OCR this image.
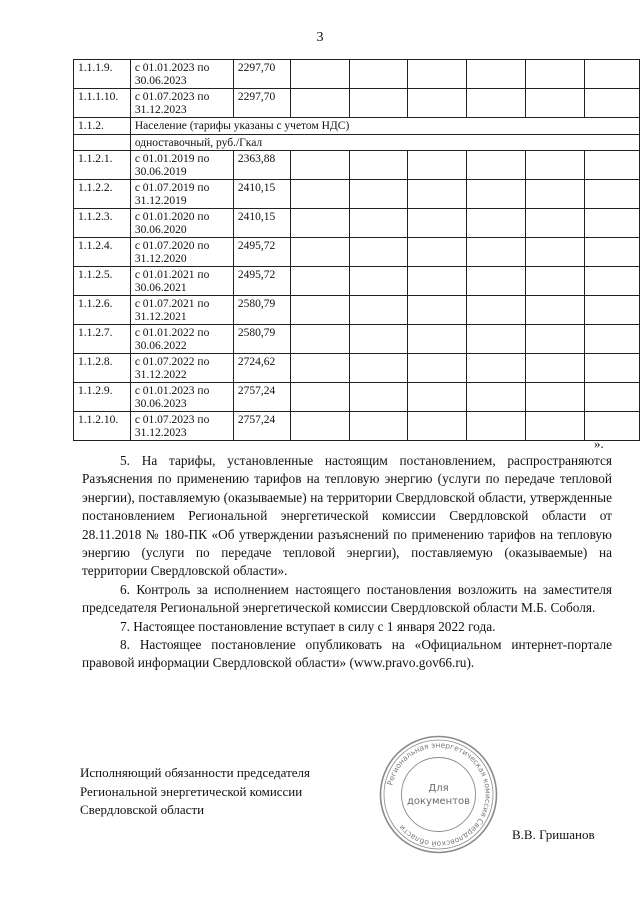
3
1.1.1.9.	с 01.01.2023 по 30.06.2023	2297,70						
1.1.1.10.	с 01.07.2023 по 31.12.2023	2297,70						
1.1.2.	Население (тарифы указаны с учетом НДС)							
	одноставочный, руб./Гкал							
1.1.2.1.	с 01.01.2019 по 30.06.2019	2363,88						
1.1.2.2.	с 01.07.2019 по 31.12.2019	2410,15						
1.1.2.3.	с 01.01.2020 по 30.06.2020	2410,15						
1.1.2.4.	с 01.07.2020 по 31.12.2020	2495,72						
1.1.2.5.	с 01.01.2021 по 30.06.2021	2495,72						
1.1.2.6.	с 01.07.2021 по 31.12.2021	2580,79						
1.1.2.7.	с 01.01.2022 по 30.06.2022	2580,79						
1.1.2.8.	с 01.07.2022 по 31.12.2022	2724,62						
1.1.2.9.	с 01.01.2023 по 30.06.2023	2757,24						
1.1.2.10.	с 01.07.2023 по 31.12.2023	2757,24						
».

5. На тарифы, установленные настоящим постановлением, распространяются Разъяснения по применению тарифов на тепловую энергию (услуги по передаче тепловой энергии), поставляемую (оказываемые) на территории Свердловской области, утвержденные постановлением Региональной энергетической комиссии Свердловской области от 28.11.2018 № 180-ПК «Об утверждении разъяснений по применению тарифов на тепловую энергию (услуги по передаче тепловой энергии), поставляемую (оказываемые) на территории Свердловской области».

6. Контроль за исполнением настоящего постановления возложить на заместителя председателя Региональной энергетической комиссии Свердловской области М.Б. Соболя.

7. Настоящее постановление вступает в силу с 1 января 2022 года.

8. Настоящее постановление опубликовать на «Официальном интернет-портале правовой информации Свердловской области» (www.pravo.gov66.ru).

Исполняющий обязанности председателя
Региональной энергетической комиссии
Свердловской области
В.В. Гришанов
Региональная энергетическая комиссия Свердловской области
Для
документов
